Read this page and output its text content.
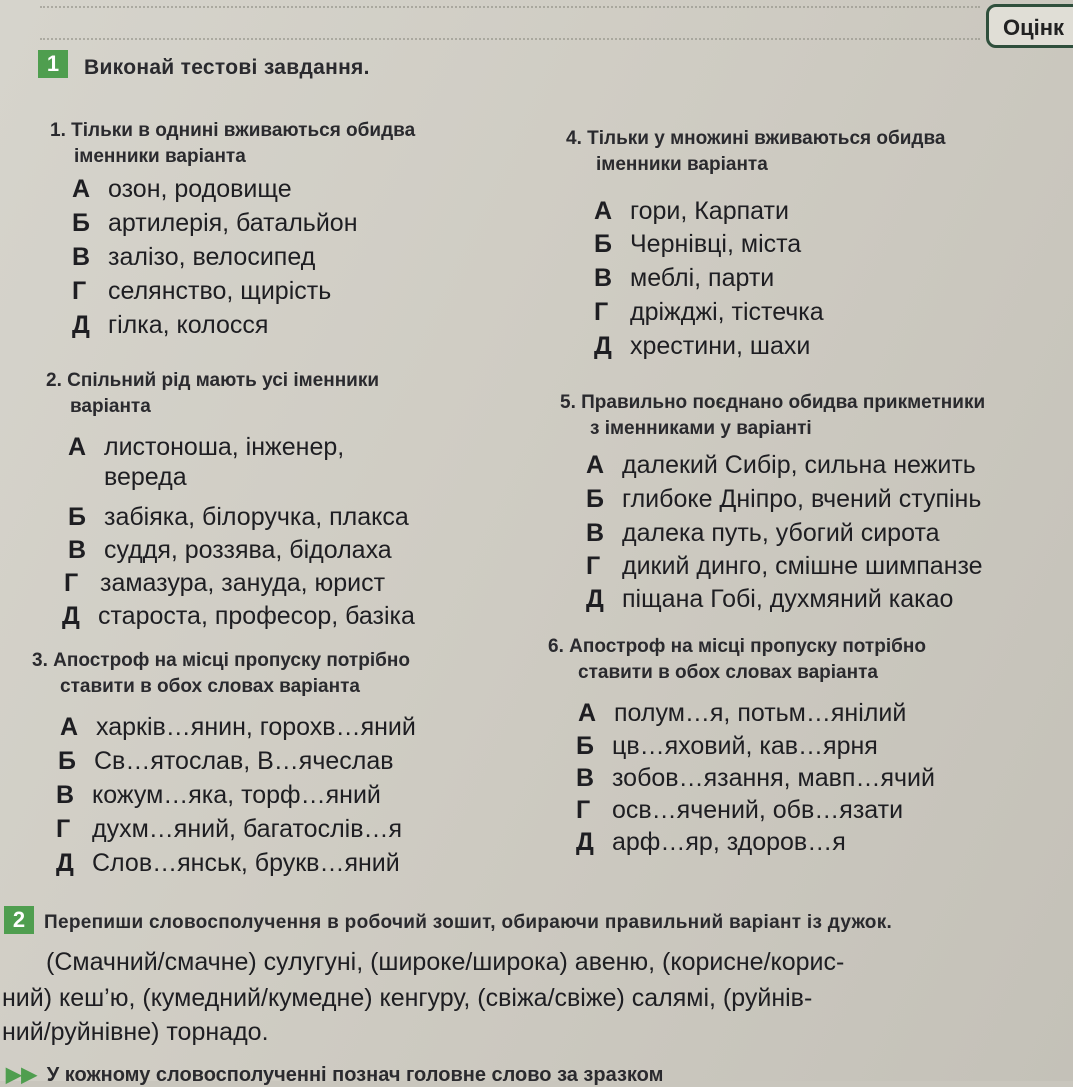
Оцінк
1	Виконай тестові завдання.
1. Тільки в однині вживаються обидва
іменники варіанта
А озон, родовище
Б артилерія, батальйон
В залізо, велосипед
Г селянство, щирість
Д гілка, колосся
2. Спільний рід мають усі іменники
варіанта
А листоноша, інженер,
вереда
Б забіяка, білоручка, плакса
В суддя, роззява, бідолаха
Г замазура, зануда, юрист
Д староста, професор, базіка
3. Апостроф на місці пропуску потрібно
ставити в обох словах варіанта
А харків…янин, горохв…яний
Б Св…ятослав, В…ячеслав
В кожум…яка, торф…яний
Г духм…яний, багатослів…я
Д Слов…янськ, брукв…яний
4. Тільки у множині вживаються обидва
іменники варіанта
А гори, Карпати
Б Чернівці, міста
В меблі, парти
Г дріжджі, тістечка
Д хрестини, шахи
5. Правильно поєднано обидва прикметники
з іменниками у варіанті
А далекий Сибір, сильна нежить
Б глибоке Дніпро, вчений ступінь
В далека путь, убогий сирота
Г дикий динго, смішне шимпанзе
Д піщана Гобі, духмяний какао
6. Апостроф на місці пропуску потрібно
ставити в обох словах варіанта
А полум…я, потьм…янілий
Б цв…яховий, кав…ярня
В зобов…язання, мавп…ячий
Г осв…ячений, обв…язати
Д арф…яр, здоров…я
2 Перепиши словосполучення в робочий зошит, обираючи правильний варіант із дужок.
(Смачний/смачне) сулугуні, (широке/широка) авеню, (корисне/корис-
ний) кеш’ю, (кумедний/кумедне) кенгуру, (свіжа/свіже) салямі, (руйнів-
ний/руйнівне) торнадо.
▶▶ У кожному словосполученні познач головне слово за зразком
